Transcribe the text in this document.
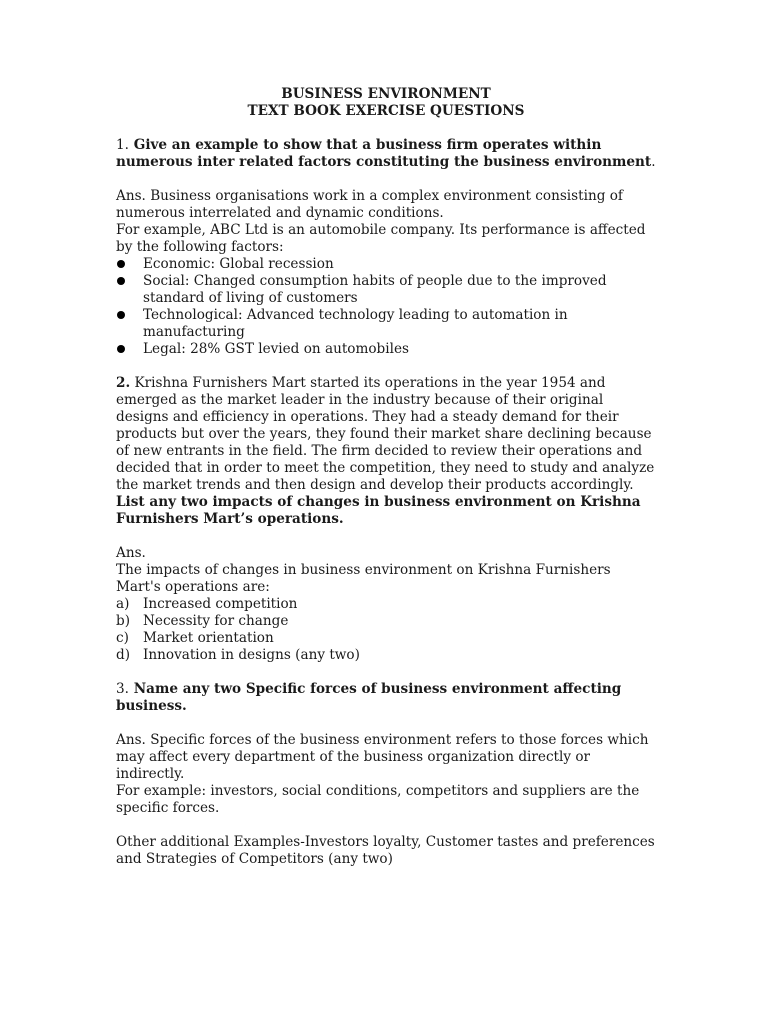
BUSINESS ENVIRONMENT

TEXT BOOK EXERCISE QUESTIONS

1. Give an example to show that a business firm operates within numerous inter related factors constituting the business environment.

Ans. Business organisations work in a complex environment consisting of numerous interrelated and dynamic conditions.

For example, ABC Ltd is an automobile company. Its performance is affected by the following factors:

Economic: Global recession
Social: Changed consumption habits of people due to the improved standard of living of customers
Technological: Advanced technology leading to automation in manufacturing
Legal: 28% GST levied on automobiles

2. Krishna Furnishers Mart started its operations in the year 1954 and emerged as the market leader in the industry because of their original designs and efficiency in operations. They had a steady demand for their products but over the years, they found their market share declining because of new entrants in the field. The firm decided to review their operations and decided that in order to meet the competition, they need to study and analyze the market trends and then design and develop their products accordingly. List any two impacts of changes in business environment on Krishna Furnishers Mart’s operations.

Ans.

The impacts of changes in business environment on Krishna Furnishers Mart's operations are:

a) Increased competition
b) Necessity for change
c) Market orientation
d) Innovation in designs (any two)

3. Name any two Specific forces of business environment affecting business.

Ans. Specific forces of the business environment refers to those forces which may affect every department of the business organization directly or indirectly.

For example: investors, social conditions, competitors and suppliers are the specific forces.

Other additional Examples-Investors loyalty, Customer tastes and preferences and Strategies of Competitors (any two)
